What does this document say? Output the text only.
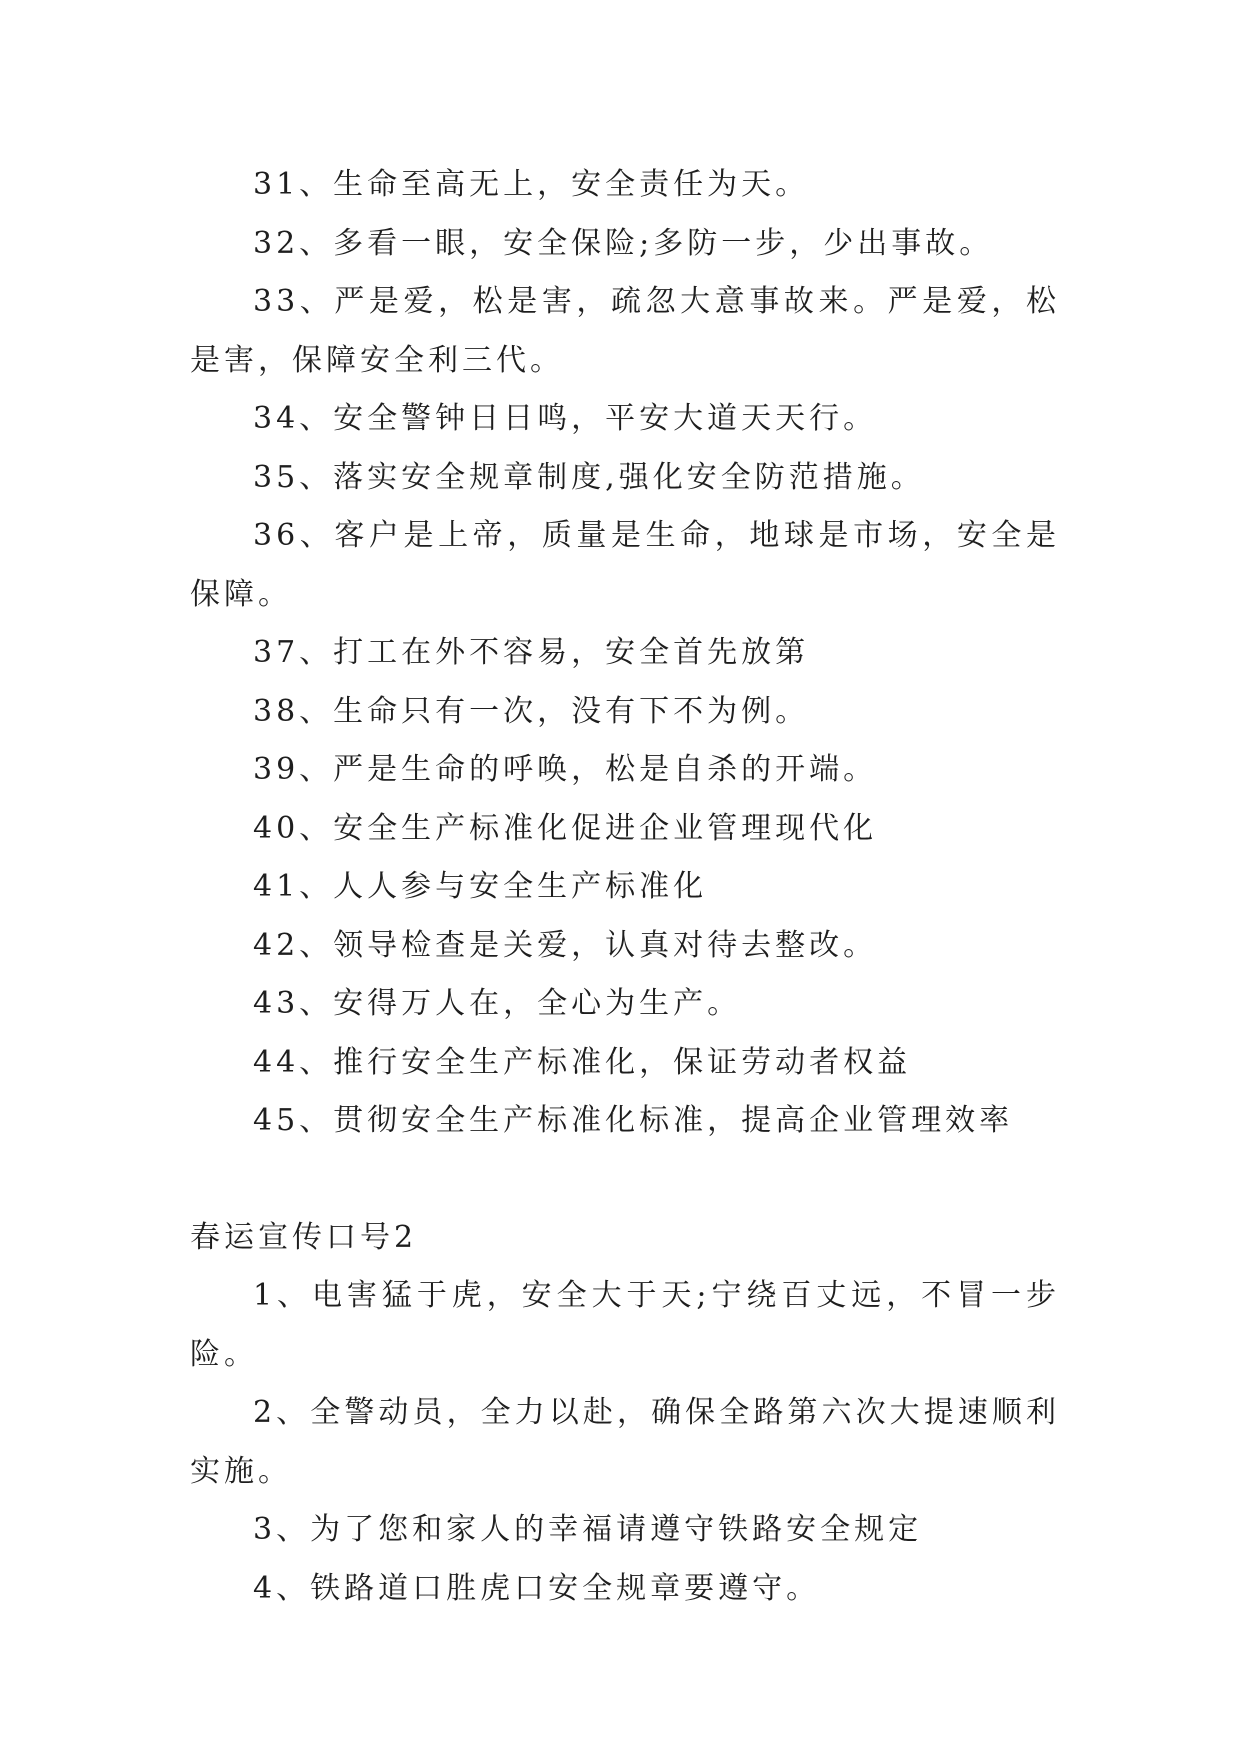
31、生命至高无上，安全责任为天。

32、多看一眼，安全保险;多防一步，少出事故。

33、严是爱，松是害，疏忽大意事故来。严是爱，松是害，保障安全利三代。

34、安全警钟日日鸣，平安大道天天行。

35、落实安全规章制度,强化安全防范措施。

36、客户是上帝，质量是生命，地球是市场，安全是保障。

37、打工在外不容易，安全首先放第

38、生命只有一次，没有下不为例。

39、严是生命的呼唤，松是自杀的开端。

40、安全生产标准化促进企业管理现代化

41、人人参与安全生产标准化

42、领导检查是关爱，认真对待去整改。

43、安得万人在，全心为生产。

44、推行安全生产标准化，保证劳动者权益

45、贯彻安全生产标准化标准，提高企业管理效率

春运宣传口号2

1、电害猛于虎，安全大于天;宁绕百丈远，不冒一步险。

2、全警动员，全力以赴，确保全路第六次大提速顺利实施。

3、为了您和家人的幸福请遵守铁路安全规定

4、铁路道口胜虎口安全规章要遵守。
